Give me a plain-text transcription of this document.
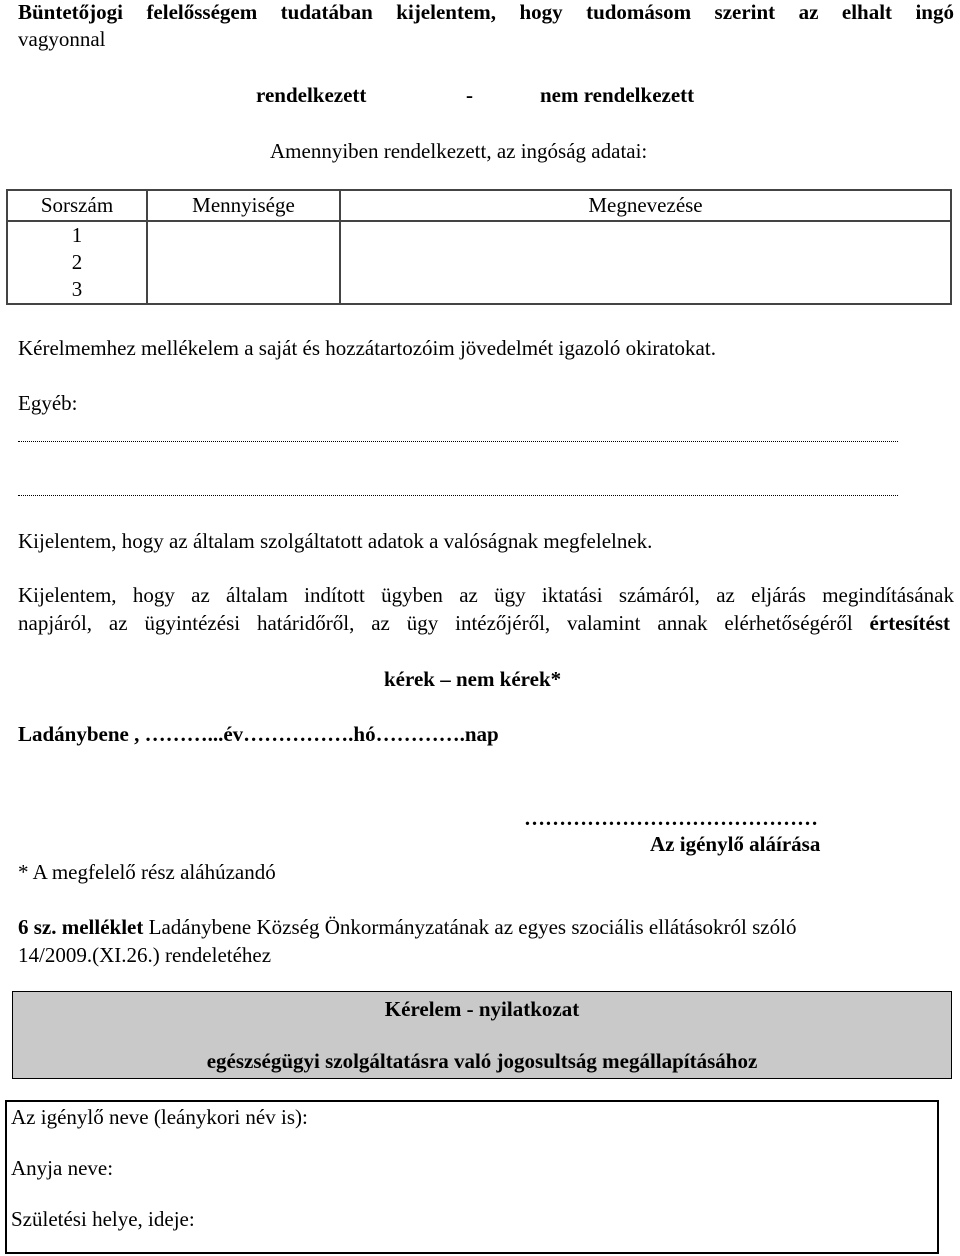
Büntetőjogi felelősségem tudatában kijelentem, hogy tudomásom szerint az elhalt ingó
vagyonnal
rendelkezett	-	nem rendelkezett
Amennyiben rendelkezett, az ingóság adatai:
Sorszám	Mennyisége	Megnevezése
1		
2		
3		
Kérelmemhez mellékelem a saját és hozzátartozóim jövedelmét igazoló okiratokat.
Egyéb:
Kijelentem, hogy az általam szolgáltatott adatok a valóságnak megfelelnek.
Kijelentem, hogy az általam indított ügyben az ügy iktatási számáról, az eljárás megindításának
napjáról, az ügyintézési határidőről, az ügy intézőjéről, valamint annak elérhetőségéről értesítést
kérek – nem kérek*
Ladánybene , ………...év…………….hó………….nap
……………………………………
Az igénylő aláírása
* A megfelelő rész aláhúzandó
6 sz. melléklet Ladánybene Község Önkormányzatának az egyes szociális ellátásokról szóló
14/2009.(XI.26.) rendeletéhez
Kérelem - nyilatkozat
egészségügyi szolgáltatásra való jogosultság megállapításához
Az igénylő neve (leánykori név is):
Anyja neve:
Születési helye, ideje:
